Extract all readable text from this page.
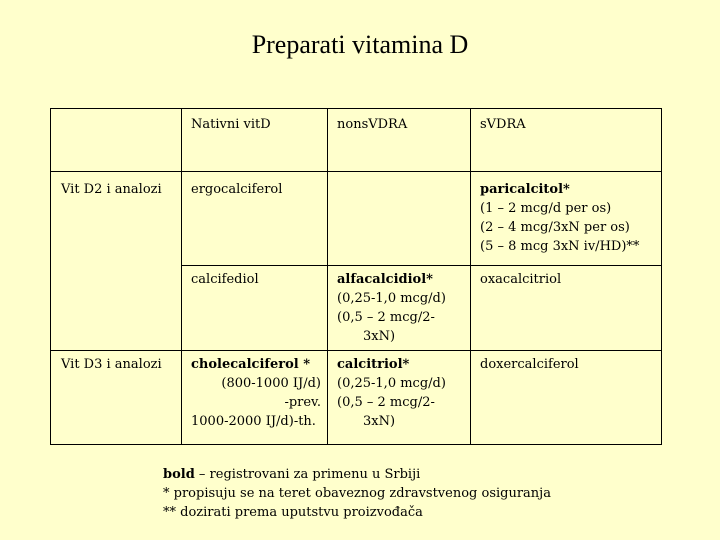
Preparati vitamina D
	Nativni vitD	nonsVDRA	sVDRA
Vit D2 i analozi	ergocalciferol		paricalcitol*
(1 – 2 mcg/d per os)
(2 – 4 mcg/3xN per os)
(5 – 8 mcg 3xN iv/HD)**

	calcifediol	alfacalcidiol*
(0,25-1,0 mcg/d)
(0,5 – 2 mcg/2-
3xN)	oxacalcitriol

Vit D3 i analozi	cholecalciferol *
(800-1000 IJ/d)
-prev.
1000-2000 IJ/d)-th.	calcitriol*
(0,25-1,0 mcg/d)
(0,5 – 2 mcg/2-
3xN)	doxercalciferol
bold – registrovani za primenu u Srbiji
* propisuju se na teret obaveznog zdravstvenog osiguranja
** dozirati prema uputstvu proizvođača
